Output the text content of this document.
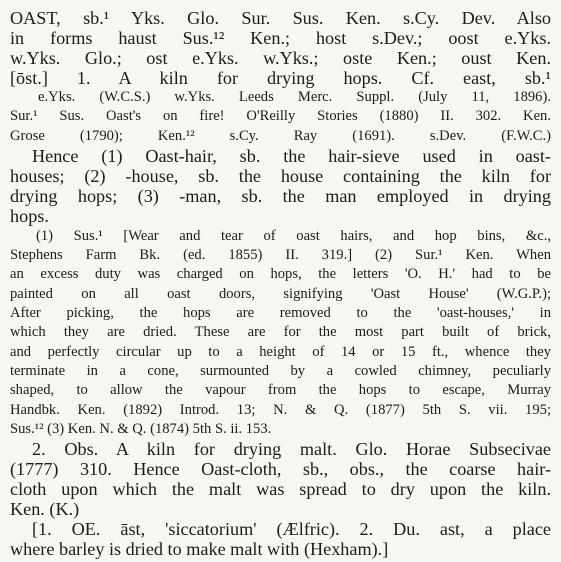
OAST, sb.¹ Yks. Glo. Sur. Sus. Ken. s.Cy. Dev. Also
in forms haust Sus.¹² Ken.; host s.Dev.; oost e.Yks.
w.Yks. Glo.; ost e.Yks. w.Yks.; oste Ken.; oust Ken.
[ōst.] 1. A kiln for drying hops. Cf. east, sb.¹
e.Yks. (W.C.S.) w.Yks. Leeds Merc. Suppl. (July 11, 1896).
Sur.¹ Sus. Oast's on fire! O'Reilly Stories (1880) II. 302. Ken.
Grose (1790); Ken.¹² s.Cy. Ray (1691). s.Dev. (F.W.C.)
Hence (1) Oast-hair, sb. the hair-sieve used in oast-
houses; (2) -house, sb. the house containing the kiln for
drying hops; (3) -man, sb. the man employed in drying
hops.
(1) Sus.¹ [Wear and tear of oast hairs, and hop bins, &c.,
Stephens Farm Bk. (ed. 1855) II. 319.] (2) Sur.¹ Ken. When
an excess duty was charged on hops, the letters 'O. H.' had to be
painted on all oast doors, signifying 'Oast House' (W.G.P.);
After picking, the hops are removed to the 'oast-houses,' in
which they are dried. These are for the most part built of brick,
and perfectly circular up to a height of 14 or 15 ft., whence they
terminate in a cone, surmounted by a cowled chimney, peculiarly
shaped, to allow the vapour from the hops to escape, Murray
Handbk. Ken. (1892) Introd. 13; N. & Q. (1877) 5th S. vii. 195;
Sus.¹² (3) Ken. N. & Q. (1874) 5th S. ii. 153.
2. Obs. A kiln for drying malt. Glo. Horae Subsecivae
(1777) 310. Hence Oast-cloth, sb., obs., the coarse hair-
cloth upon which the malt was spread to dry upon the kiln.
Ken. (K.)
[1. OE. āst, 'siccatorium' (Ælfric). 2. Du. ast, a place
where barley is dried to make malt with (Hexham).]
